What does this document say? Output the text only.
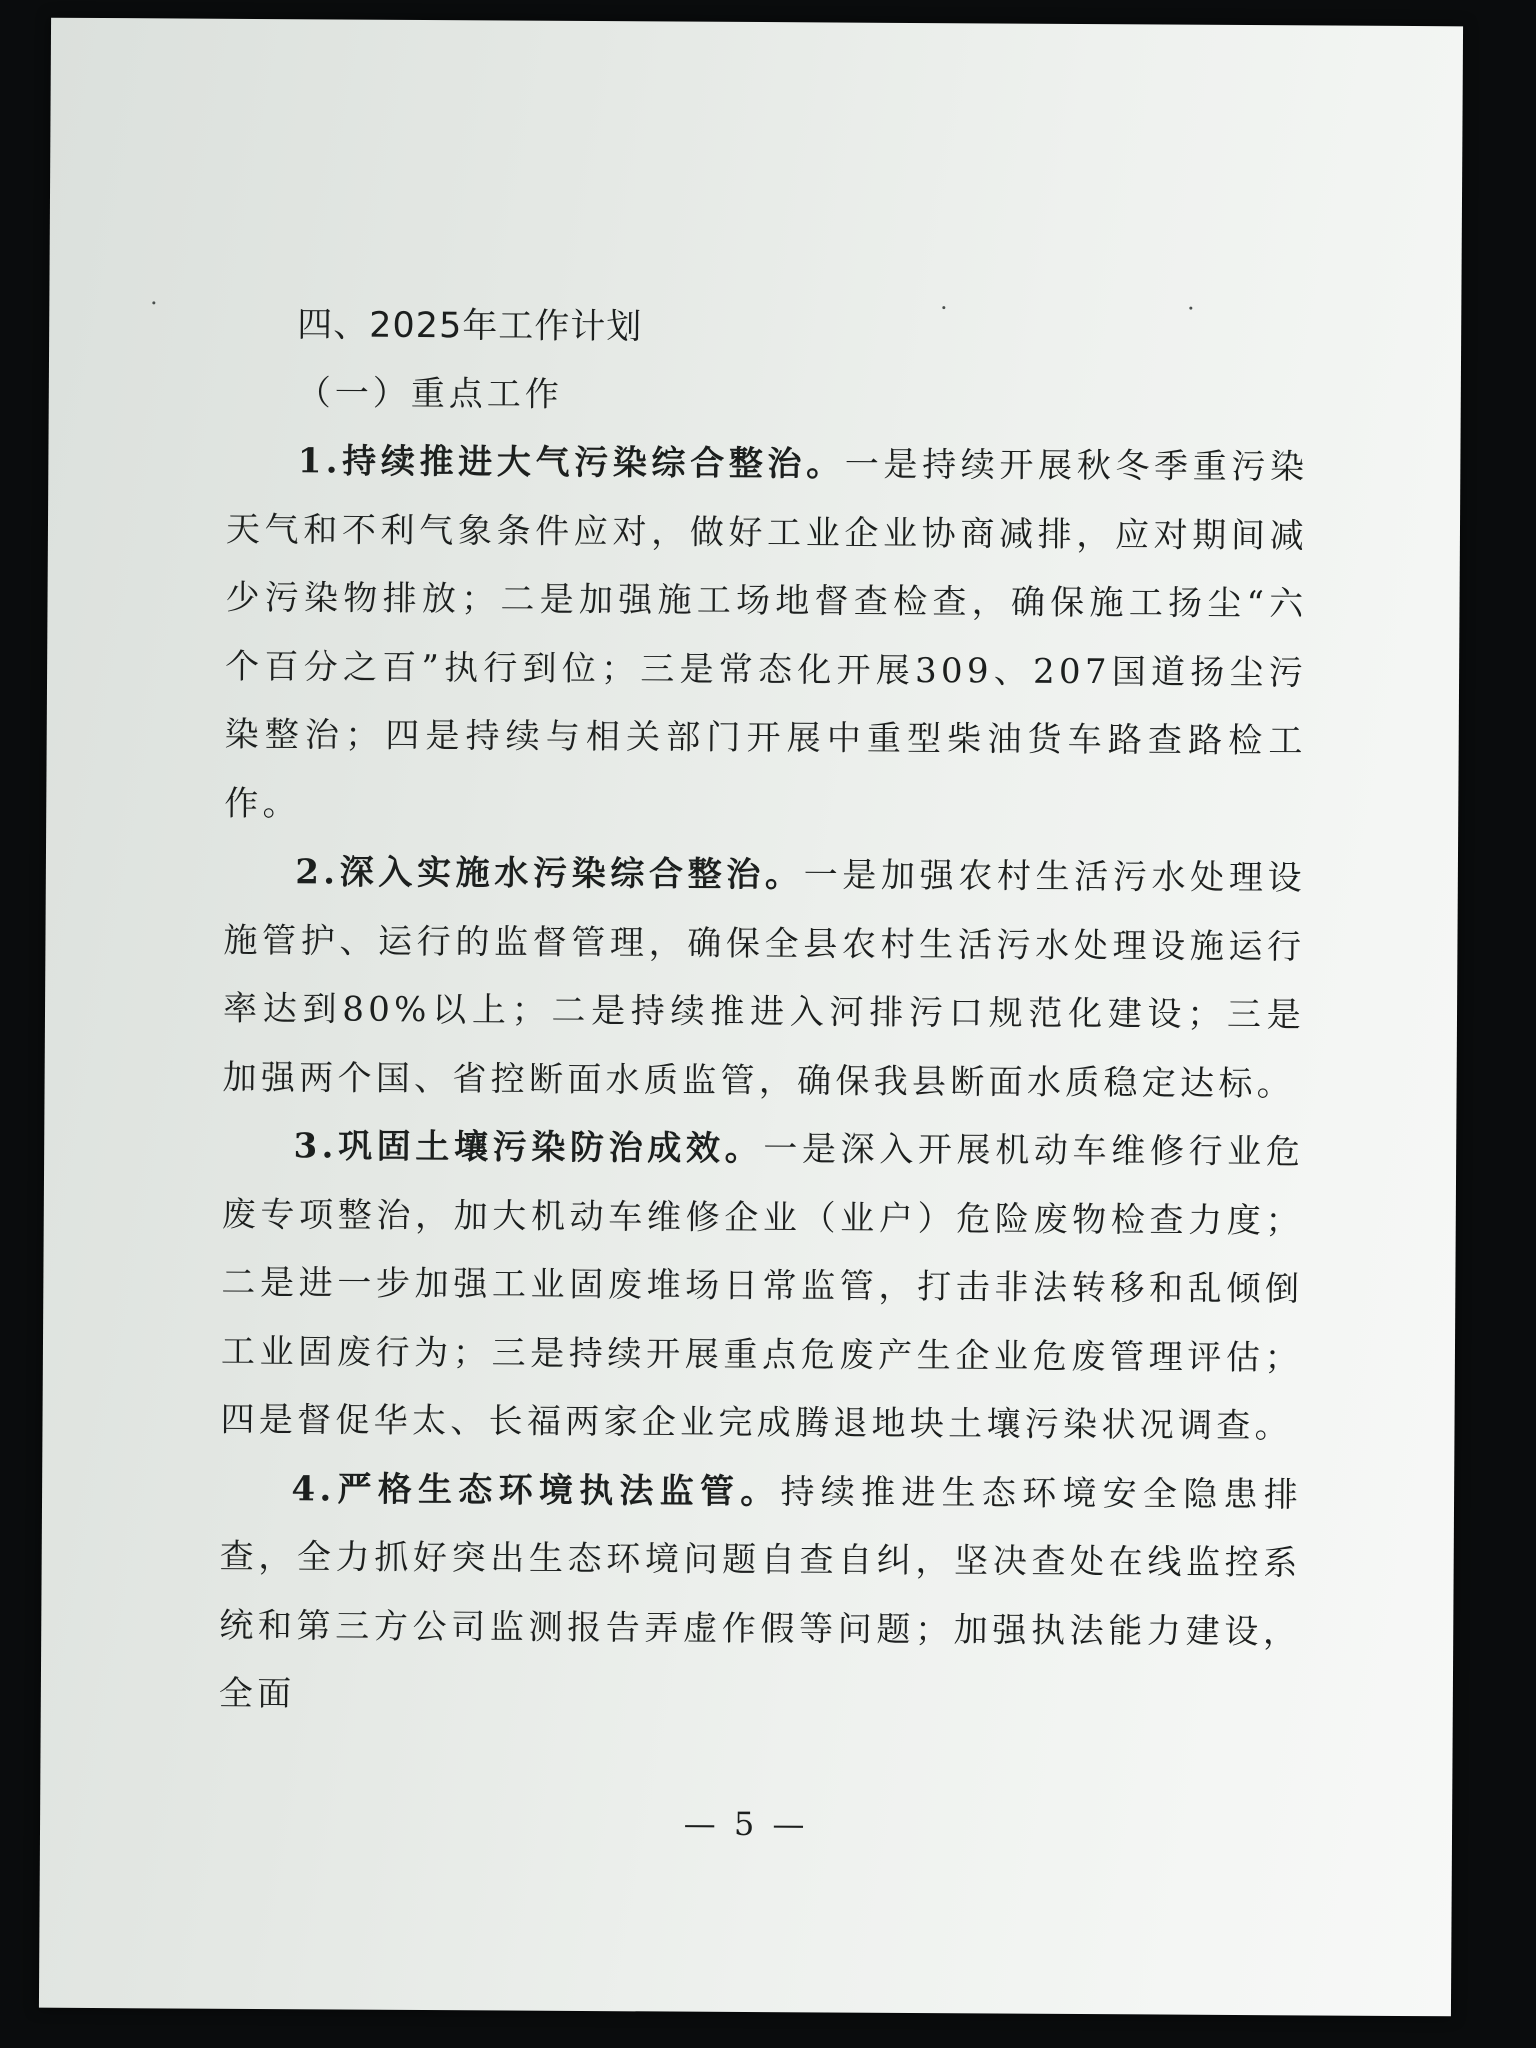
四、2025年工作计划

（一）重点工作

1.持续推进大气污染综合整治。一是持续开展秋冬季重污染天气和不利气象条件应对，做好工业企业协商减排，应对期间减少污染物排放；二是加强施工场地督查检查，确保施工扬尘“六个百分之百”执行到位；三是常态化开展309、207国道扬尘污染整治；四是持续与相关部门开展中重型柴油货车路查路检工作。

2.深入实施水污染综合整治。一是加强农村生活污水处理设施管护、运行的监督管理，确保全县农村生活污水处理设施运行率达到80%以上；二是持续推进入河排污口规范化建设；三是加强两个国、省控断面水质监管，确保我县断面水质稳定达标。

3.巩固土壤污染防治成效。一是深入开展机动车维修行业危废专项整治，加大机动车维修企业（业户）危险废物检查力度；二是进一步加强工业固废堆场日常监管，打击非法转移和乱倾倒工业固废行为；三是持续开展重点危废产生企业危废管理评估；四是督促华太、长福两家企业完成腾退地块土壤污染状况调查。

4.严格生态环境执法监管。持续推进生态环境安全隐患排查，全力抓好突出生态环境问题自查自纠，坚决查处在线监控系统和第三方公司监测报告弄虚作假等问题；加强执法能力建设，全面

— 5 —
